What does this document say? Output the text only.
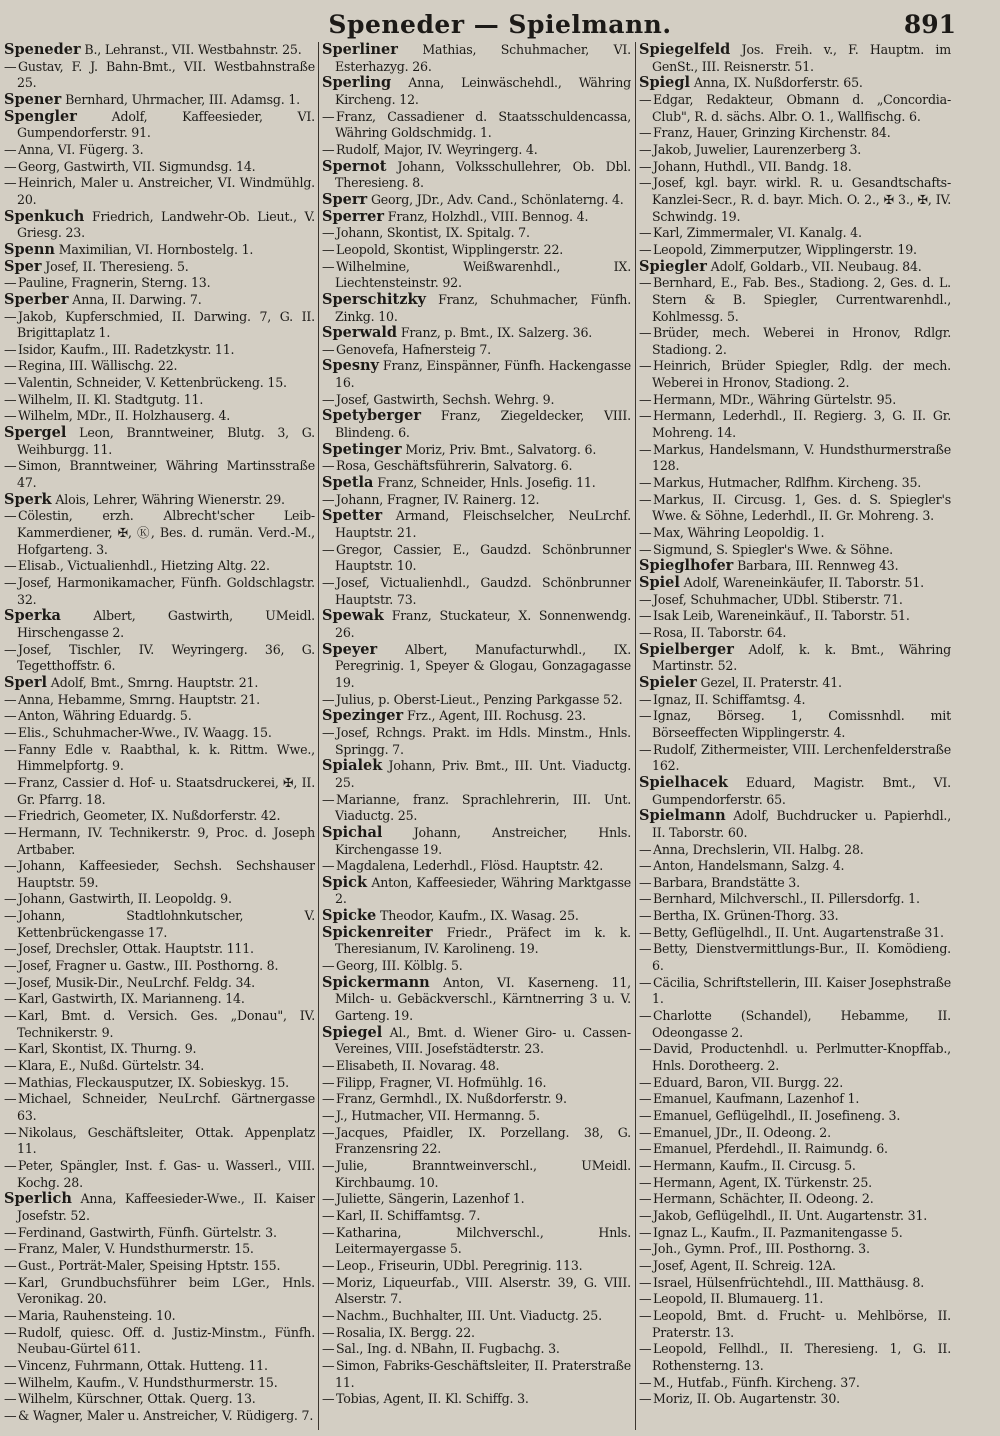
Speneder — Spielmann.	891

Speneder B., Lehranst., VII. Westbahnstr. 25.

— Gustav, F. J. Bahn-Bmt., VII. Westbahnstraße 25.

Spener Bernhard, Uhrmacher, III. Adamsg. 1.

Spengler	Adolf, Kaffeesieder, VI. Gumpendorferstr. 91.

— Anna, VI. Fügerg. 3.

— Georg, Gastwirth, VII. Sigmundsg. 14.

— Heinrich, Maler u. Anstreicher, VI. Windmühlg. 20.

Spenkuch Friedrich, Landwehr-Ob. Lieut., V. Griesg. 23.

Spenn Maximilian, VI. Hornbostelg. 1.

Sper Josef, II. Theresieng. 5.

— Pauline, Fragnerin, Sterng. 13.

Sperber Anna, II. Darwing. 7.

— Jakob, Kupferschmied, II. Darwing. 7, G. II. Brigittaplatz 1.

— Isidor, Kaufm., III. Radetzkystr. 11.

— Regina, III. Wällischg. 22.

— Valentin, Schneider, V. Kettenbrückeng. 15.

— Wilhelm, II. Kl. Stadtgutg. 11.

— Wilhelm, MDr., II. Holzhauserg. 4.

Spergel Leon, Branntweiner, Blutg. 3, G. Weihburgg. 11.

— Simon, Branntweiner, Währing Martinsstraße 47.

Sperk Alois, Lehrer, Währing Wienerstr. 29.

— Cölestin, erzh. Albrecht'scher Leib-Kammerdiener, ✠, Ⓚ, Bes. d. rumän. Verd.-M., Hofgarteng. 3.

— Elisab., Victualienhdl., Hietzing Altg. 22.

— Josef, Harmonikamacher, Fünfh. Goldschlagstr. 32.

Sperka	Albert, Gastwirth, UMeidl. Hirschengasse 2.

— Josef, Tischler, IV. Weyringerg. 36, G. Tegetthoffstr. 6.

Sperl Adolf, Bmt., Smrng. Hauptstr. 21.

— Anna, Hebamme, Smrng. Hauptstr. 21.

— Anton, Währing Eduardg. 5.

— Elis., Schuhmacher-Wwe., IV. Waagg. 15.

— Fanny Edle v. Raabthal, k. k. Rittm. Wwe., Himmelpfortg. 9.

— Franz, Cassier d. Hof- u. Staatsdruckerei, ✠, II. Gr. Pfarrg. 18.

— Friedrich, Geometer, IX. Nußdorferstr. 42.

— Hermann, IV. Technikerstr. 9, Proc. d. Joseph Artbaber.

— Johann, Kaffeesieder, Sechsh. Sechshauser Hauptstr. 59.

— Johann, Gastwirth, II. Leopoldg. 9.

— Johann, Stadtlohnkutscher, V. Kettenbrückengasse 17.

— Josef, Drechsler, Ottak. Hauptstr. 111.

— Josef, Fragner u. Gastw., III. Posthorng. 8.

— Josef, Musik-Dir., NeuLrchf. Feldg. 34.

— Karl, Gastwirth, IX. Marianneng. 14.

— Karl, Bmt. d. Versich. Ges. „Donau", IV. Technikerstr. 9.

— Karl, Skontist, IX. Thurng. 9.

— Klara, E., Nußd. Gürtelstr. 34.

— Mathias, Fleckausputzer, IX. Sobieskyg. 15.

— Michael, Schneider, NeuLrchf. Gärtnergasse 63.

— Nikolaus, Geschäftsleiter, Ottak. Appenplatz 11.

— Peter, Spängler, Inst. f. Gas- u. Wasserl., VIII. Kochg. 28.

Sperlich Anna, Kaffeesieder-Wwe., II. Kaiser Josefstr. 52.

— Ferdinand, Gastwirth, Fünfh. Gürtelstr. 3.

— Franz, Maler, V. Hundsthurmerstr. 15.

— Gust., Porträt-Maler, Speising Hptstr. 155.

— Karl, Grundbuchsführer beim LGer., Hnls. Veronikag. 20.

— Maria, Rauhensteing. 10.

— Rudolf, quiesc. Off. d. Justiz-Minstm., Fünfh. Neubau-Gürtel 611.

— Vincenz, Fuhrmann, Ottak. Hutteng. 11.

— Wilhelm, Kaufm., V. Hundsthurmerstr. 15.

— Wilhelm, Kürschner, Ottak. Querg. 13.

— & Wagner, Maler u. Anstreicher, V. Rüdigerg. 7.

Sperliner Mathias, Schuhmacher, VI. Esterhazyg. 26.

Sperling Anna, Leinwäschehdl., Währing Kircheng. 12.

— Franz, Cassadiener d. Staatsschuldencassa, Währing Goldschmidg. 1.

— Rudolf, Major, IV. Weyringerg. 4.

Spernot Johann, Volksschullehrer, Ob. Dbl. Theresieng. 8.

Sperr Georg, JDr., Adv. Cand., Schönlaterng. 4.

Sperrer Franz, Holzhdl., VIII. Bennog. 4.

— Johann, Skontist, IX. Spitalg. 7.

— Leopold, Skontist, Wipplingerstr. 22.

— Wilhelmine, Weißwarenhdl., IX. Liechtensteinstr. 92.

Sperschitzky Franz, Schuhmacher, Fünfh. Zinkg. 10.

Sperwald Franz, p. Bmt., IX. Salzerg. 36.

— Genovefa, Hafnersteig 7.

Spesny Franz, Einspänner, Fünfh. Hackengasse 16.

— Josef, Gastwirth, Sechsh. Wehrg. 9.

Spetyberger Franz, Ziegeldecker, VIII. Blindeng. 6.

Spetinger Moriz, Priv. Bmt., Salvatorg. 6.

— Rosa, Geschäftsführerin, Salvatorg. 6.

Spetla Franz, Schneider, Hnls. Josefig. 11.

— Johann, Fragner, IV. Rainerg. 12.

Spetter Armand, Fleischselcher, NeuLrchf. Hauptstr. 21.

— Gregor, Cassier, E., Gaudzd. Schönbrunner Hauptstr. 10.

— Josef, Victualienhdl., Gaudzd. Schönbrunner Hauptstr. 73.

Spewak Franz, Stuckateur, X. Sonnenwendg. 26.

Speyer Albert, Manufacturwhdl., IX. Peregrinig. 1, Speyer & Glogau, Gonzagagasse 19.

— Julius, p. Oberst-Lieut., Penzing Parkgasse 52.

Spezinger Frz., Agent, III. Rochusg. 23.

— Josef, Rchngs. Prakt. im Hdls. Minstm., Hnls. Springg. 7.

Spialek Johann, Priv. Bmt., III. Unt. Viaductg. 25.

— Marianne, franz. Sprachlehrerin, III. Unt. Viaductg. 25.

Spichal Johann, Anstreicher, Hnls. Kirchengasse 19.

— Magdalena, Lederhdl., Flösd. Hauptstr. 42.

Spick Anton, Kaffeesieder, Währing Marktgasse 2.

Spicke Theodor, Kaufm., IX. Wasag. 25.

Spickenreiter Friedr., Präfect im k. k. Theresianum, IV. Karolineng. 19.

— Georg, III. Kölblg. 5.

Spickermann Anton, VI. Kaserneng. 11, Milch- u. Gebäckverschl., Kärntnerring 3 u. V. Garteng. 19.

Spiegel Al., Bmt. d. Wiener Giro- u. Cassen-Vereines, VIII. Josefstädterstr. 23.

— Elisabeth, II. Novarag. 48.

— Filipp, Fragner, VI. Hofmühlg. 16.

— Franz, Germhdl., IX. Nußdorferstr. 9.

— J., Hutmacher, VII. Hermanng. 5.

— Jacques, Pfaidler, IX. Porzellang. 38, G. Franzensring 22.

— Julie, Branntweinverschl., UMeidl. Kirchbaumg. 10.

— Juliette, Sängerin, Lazenhof 1.

— Karl, II. Schiffamtsg. 7.

— Katharina, Milchverschl., Hnls. Leitermayergasse 5.

— Leop., Friseurin, UDbl. Peregrinig. 113.

— Moriz, Liqueurfab., VIII. Alserstr. 39, G. VIII. Alserstr. 7.

— Nachm., Buchhalter, III. Unt. Viaductg. 25.

— Rosalia, IX. Bergg. 22.

— Sal., Ing. d. NBahn, II. Fugbachg. 3.

— Simon, Fabriks-Geschäftsleiter, II. Praterstraße 11.

— Tobias, Agent, II. Kl. Schiffg. 3.

Spiegelfeld Jos. Freih. v., F. Hauptm. im GenSt., III. Reisnerstr. 51.

Spiegl Anna, IX. Nußdorferstr. 65.

— Edgar, Redakteur, Obmann d. „Concordia-Club", R. d. sächs. Albr. O. 1., Wallfischg. 6.

— Franz, Hauer, Grinzing Kirchenstr. 84.

— Jakob, Juwelier, Laurenzerberg 3.

— Johann, Huthdl., VII. Bandg. 18.

— Josef, kgl. bayr. wirkl. R. u. Gesandtschafts-Kanzlei-Secr., R. d. bayr. Mich. O. 2., ✠ 3., ✠, IV. Schwindg. 19.

— Karl, Zimmermaler, VI. Kanalg. 4.

— Leopold, Zimmerputzer, Wipplingerstr. 19.

Spiegler Adolf, Goldarb., VII. Neubaug. 84.

— Bernhard, E., Fab. Bes., Stadiong. 2, Ges. d. L. Stern & B. Spiegler, Currentwarenhdl., Kohlmessg. 5.

— Brüder, mech. Weberei in Hronov, Rdlgr. Stadiong. 2.

— Heinrich, Brüder Spiegler, Rdlg. der mech. Weberei in Hronov, Stadiong. 2.

— Hermann, MDr., Währing Gürtelstr. 95.

— Hermann, Lederhdl., II. Regierg. 3, G. II. Gr. Mohreng. 14.

— Markus, Handelsmann, V. Hundsthurmerstraße 128.

— Markus, Hutmacher, Rdlfhm. Kircheng. 35.

— Markus, II. Circusg. 1, Ges. d. S. Spiegler's Wwe. & Söhne, Lederhdl., II. Gr. Mohreng. 3.

— Max, Währing Leopoldig. 1.

— Sigmund, S. Spiegler's Wwe. & Söhne.

Spieglhofer Barbara, III. Rennweg 43.

Spiel Adolf, Wareneinkäufer, II. Taborstr. 51.

— Josef, Schuhmacher, UDbl. Stiberstr. 71.

— Isak Leib, Wareneinkäuf., II. Taborstr. 51.

— Rosa, II. Taborstr. 64.

Spielberger Adolf, k. k. Bmt., Währing Martinstr. 52.

Spieler Gezel, II. Praterstr. 41.

— Ignaz, II. Schiffamtsg. 4.

— Ignaz, Börseg. 1, Comissnhdl. mit Börseeffecten Wipplingerstr. 4.

— Rudolf, Zithermeister, VIII. Lerchenfelderstraße 162.

Spielhacek Eduard, Magistr. Bmt., VI. Gumpendorferstr. 65.

Spielmann Adolf, Buchdrucker u. Papierhdl., II. Taborstr. 60.

— Anna, Drechslerin, VII. Halbg. 28.

— Anton, Handelsmann, Salzg. 4.

— Barbara, Brandstätte 3.

— Bernhard, Milchverschl., II. Pillersdorfg. 1.

— Bertha, IX. Grünen-Thorg. 33.

— Betty, Geflügelhdl., II. Unt. Augartenstraße 31.

— Betty, Dienstvermittlungs-Bur., II. Komödieng. 6.

— Cäcilia, Schriftstellerin, III. Kaiser Josephstraße 1.

— Charlotte (Schandel), Hebamme, II. Odeongasse 2.

— David, Productenhdl. u. Perlmutter-Knopffab., Hnls. Dorotheerg. 2.

— Eduard, Baron, VII. Burgg. 22.

— Emanuel, Kaufmann, Lazenhof 1.

— Emanuel, Geflügelhdl., II. Josefineng. 3.

— Emanuel, JDr., II. Odeong. 2.

— Emanuel, Pferdehdl., II. Raimundg. 6.

— Hermann, Kaufm., II. Circusg. 5.

— Hermann, Agent, IX. Türkenstr. 25.

— Hermann, Schächter, II. Odeong. 2.

— Jakob, Geflügelhdl., II. Unt. Augartenstr. 31.

— Ignaz L., Kaufm., II. Pazmanitengasse 5.

— Joh., Gymn. Prof., III. Posthorng. 3.

— Josef, Agent, II. Schreig. 12A.

— Israel, Hülsenfrüchtehdl., III. Matthäusg. 8.

— Leopold, II. Blumauerg. 11.

— Leopold, Bmt. d. Frucht- u. Mehlbörse, II. Praterstr. 13.

— Leopold, Fellhdl., II. Theresieng. 1, G. II. Rothensterng. 13.

— M., Hutfab., Fünfh. Kircheng. 37.

— Moriz, II. Ob. Augartenstr. 30.
